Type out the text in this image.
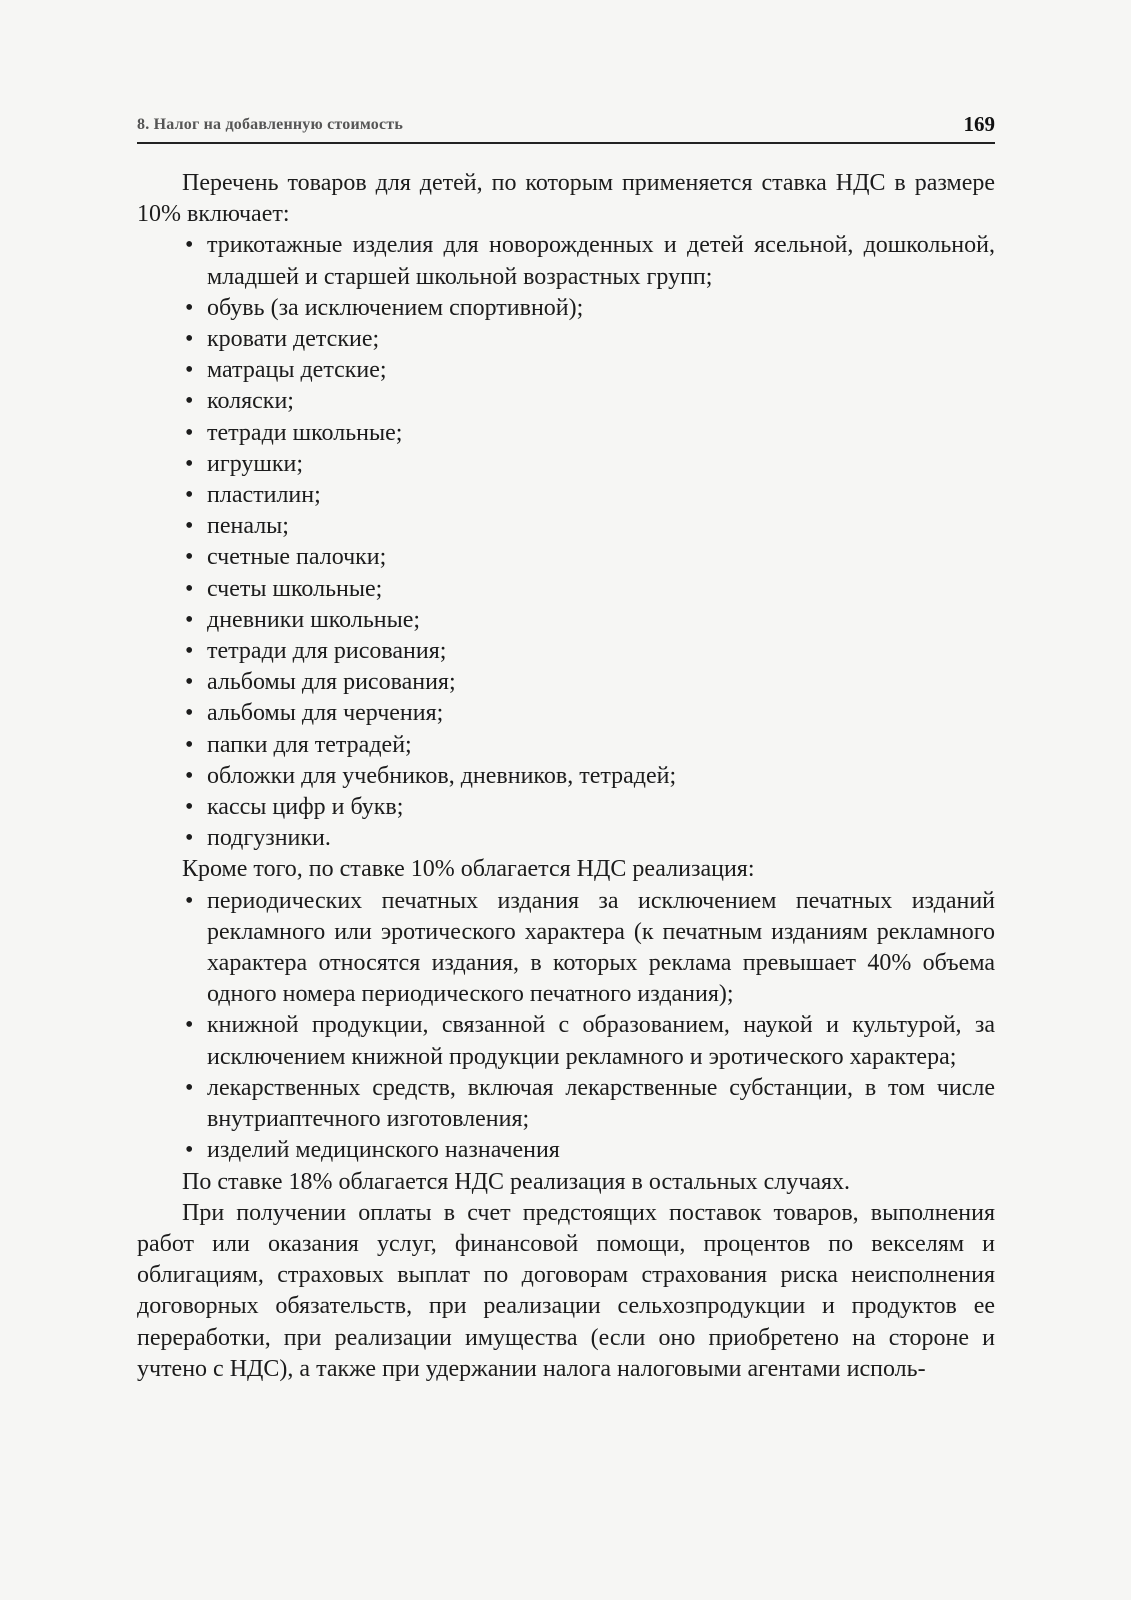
8. Налог на добавленную стоимость	169

Перечень товаров для детей, по которым применяется ставка НДС в размере 10% включает:

• трикотажные изделия для новорожденных и детей ясельной, дошкольной, младшей и старшей школьной возрастных групп;
• обувь (за исключением спортивной);
• кровати детские;
• матрацы детские;
• коляски;
• тетради школьные;
• игрушки;
• пластилин;
• пеналы;
• счетные палочки;
• счеты школьные;
• дневники школьные;
• тетради для рисования;
• альбомы для рисования;
• альбомы для черчения;
• папки для тетрадей;
• обложки для учебников, дневников, тетрадей;
• кассы цифр и букв;
• подгузники.

Кроме того, по ставке 10% облагается НДС реализация:

• периодических печатных издания за исключением печатных изданий рекламного или эротического характера (к печатным изданиям рекламного характера относятся издания, в которых реклама превышает 40% объема одного номера периодического печатного издания);
• книжной продукции, связанной с образованием, наукой и культурой, за исключением книжной продукции рекламного и эротического характера;
• лекарственных средств, включая лекарственные субстанции, в том числе внутриаптечного изготовления;
• изделий медицинского назначения

По ставке 18% облагается НДС реализация в остальных случаях.

При получении оплаты в счет предстоящих поставок товаров, выполнения работ или оказания услуг, финансовой помощи, процентов по векселям и облигациям, страховых выплат по договорам страхования риска неисполнения договорных обязательств, при реализации сельхозпродукции и продуктов ее переработки, при реализации имущества (если оно приобретено на стороне и учтено с НДС), а также при удержании налога налоговыми агентами исполь-
